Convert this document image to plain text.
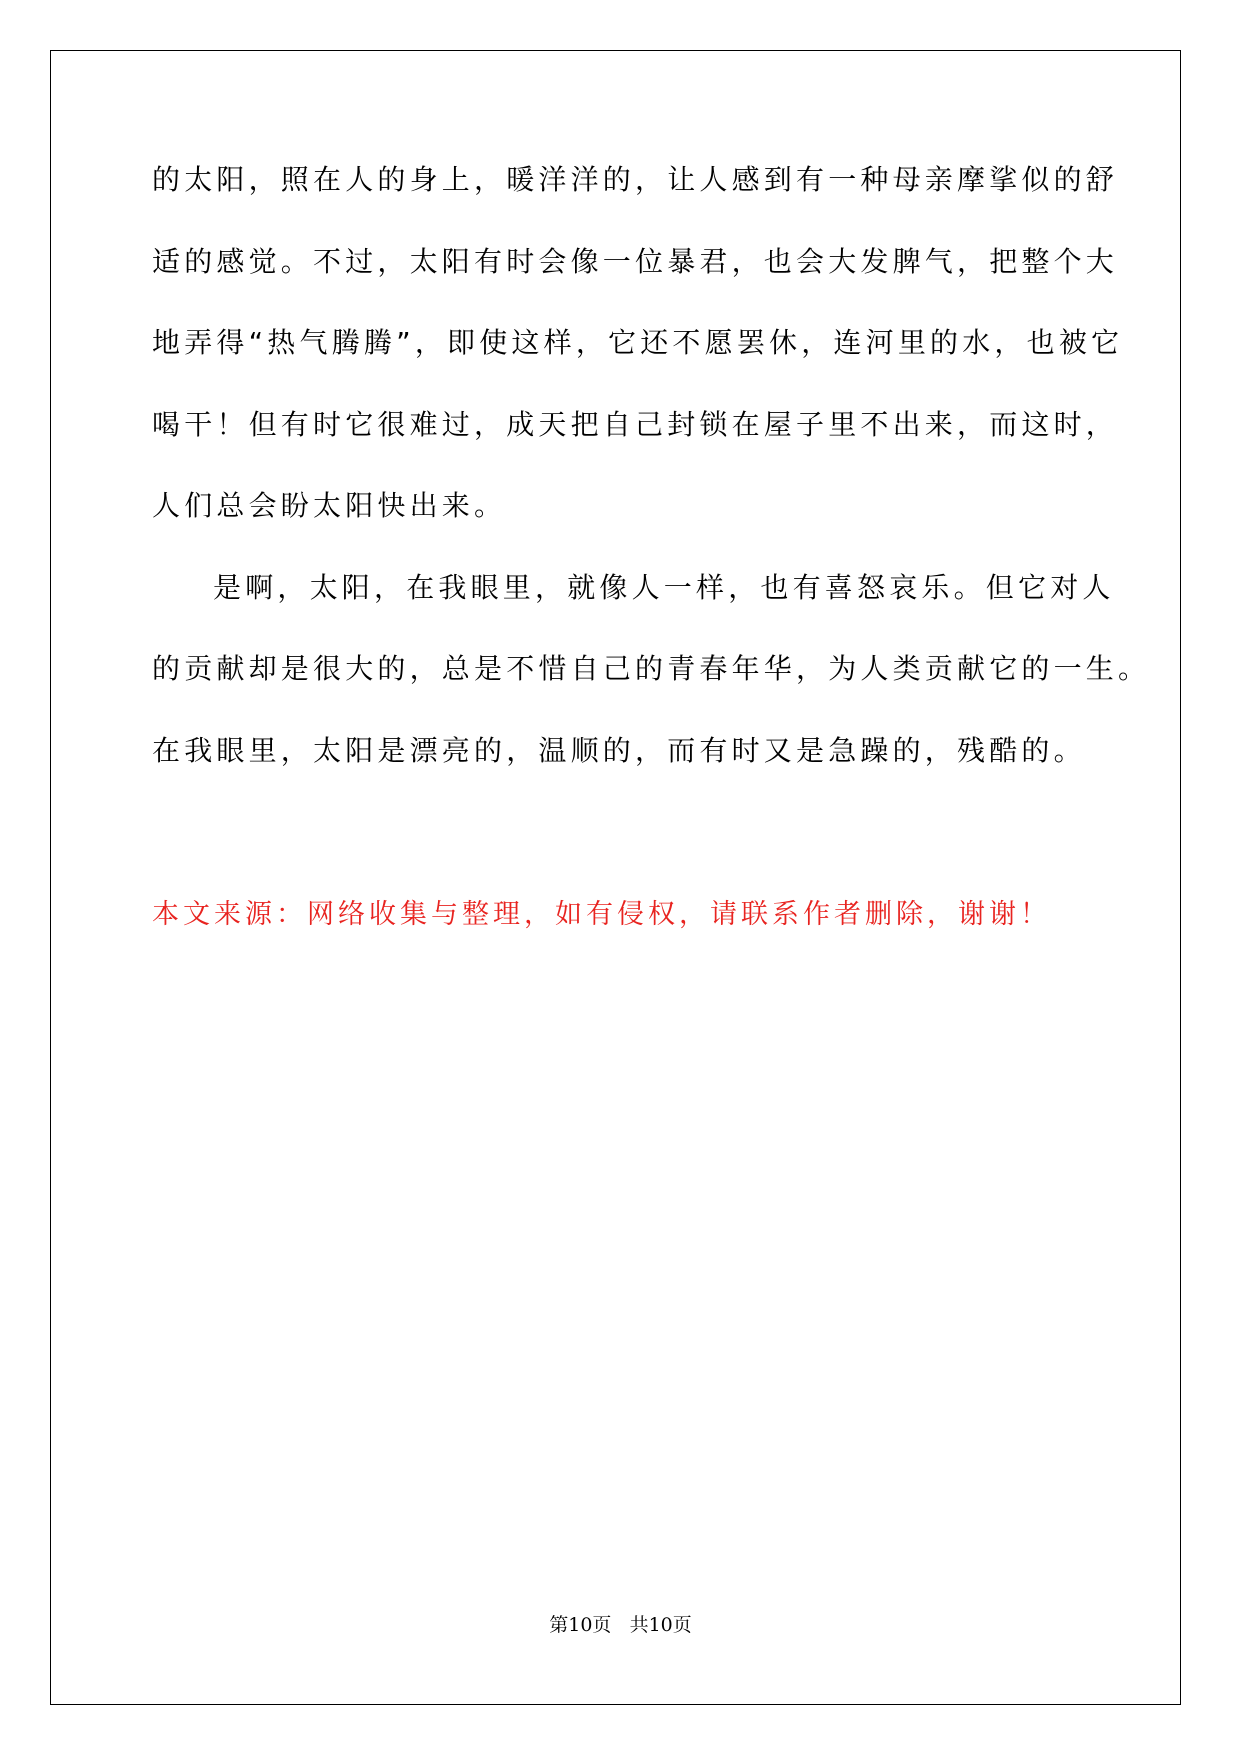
的太阳，照在人的身上，暖洋洋的，让人感到有一种母亲摩挲似的舒
适的感觉。不过，太阳有时会像一位暴君，也会大发脾气，把整个大
地弄得“热气腾腾”，即使这样，它还不愿罢休，连河里的水，也被它
喝干！但有时它很难过，成天把自己封锁在屋子里不出来，而这时，
人们总会盼太阳快出来。
是啊，太阳，在我眼里，就像人一样，也有喜怒哀乐。但它对人
的贡献却是很大的，总是不惜自己的青春年华，为人类贡献它的一生。
在我眼里，太阳是漂亮的，温顺的，而有时又是急躁的，残酷的。
本文来源：网络收集与整理，如有侵权，请联系作者删除，谢谢！
第10页 共10页
